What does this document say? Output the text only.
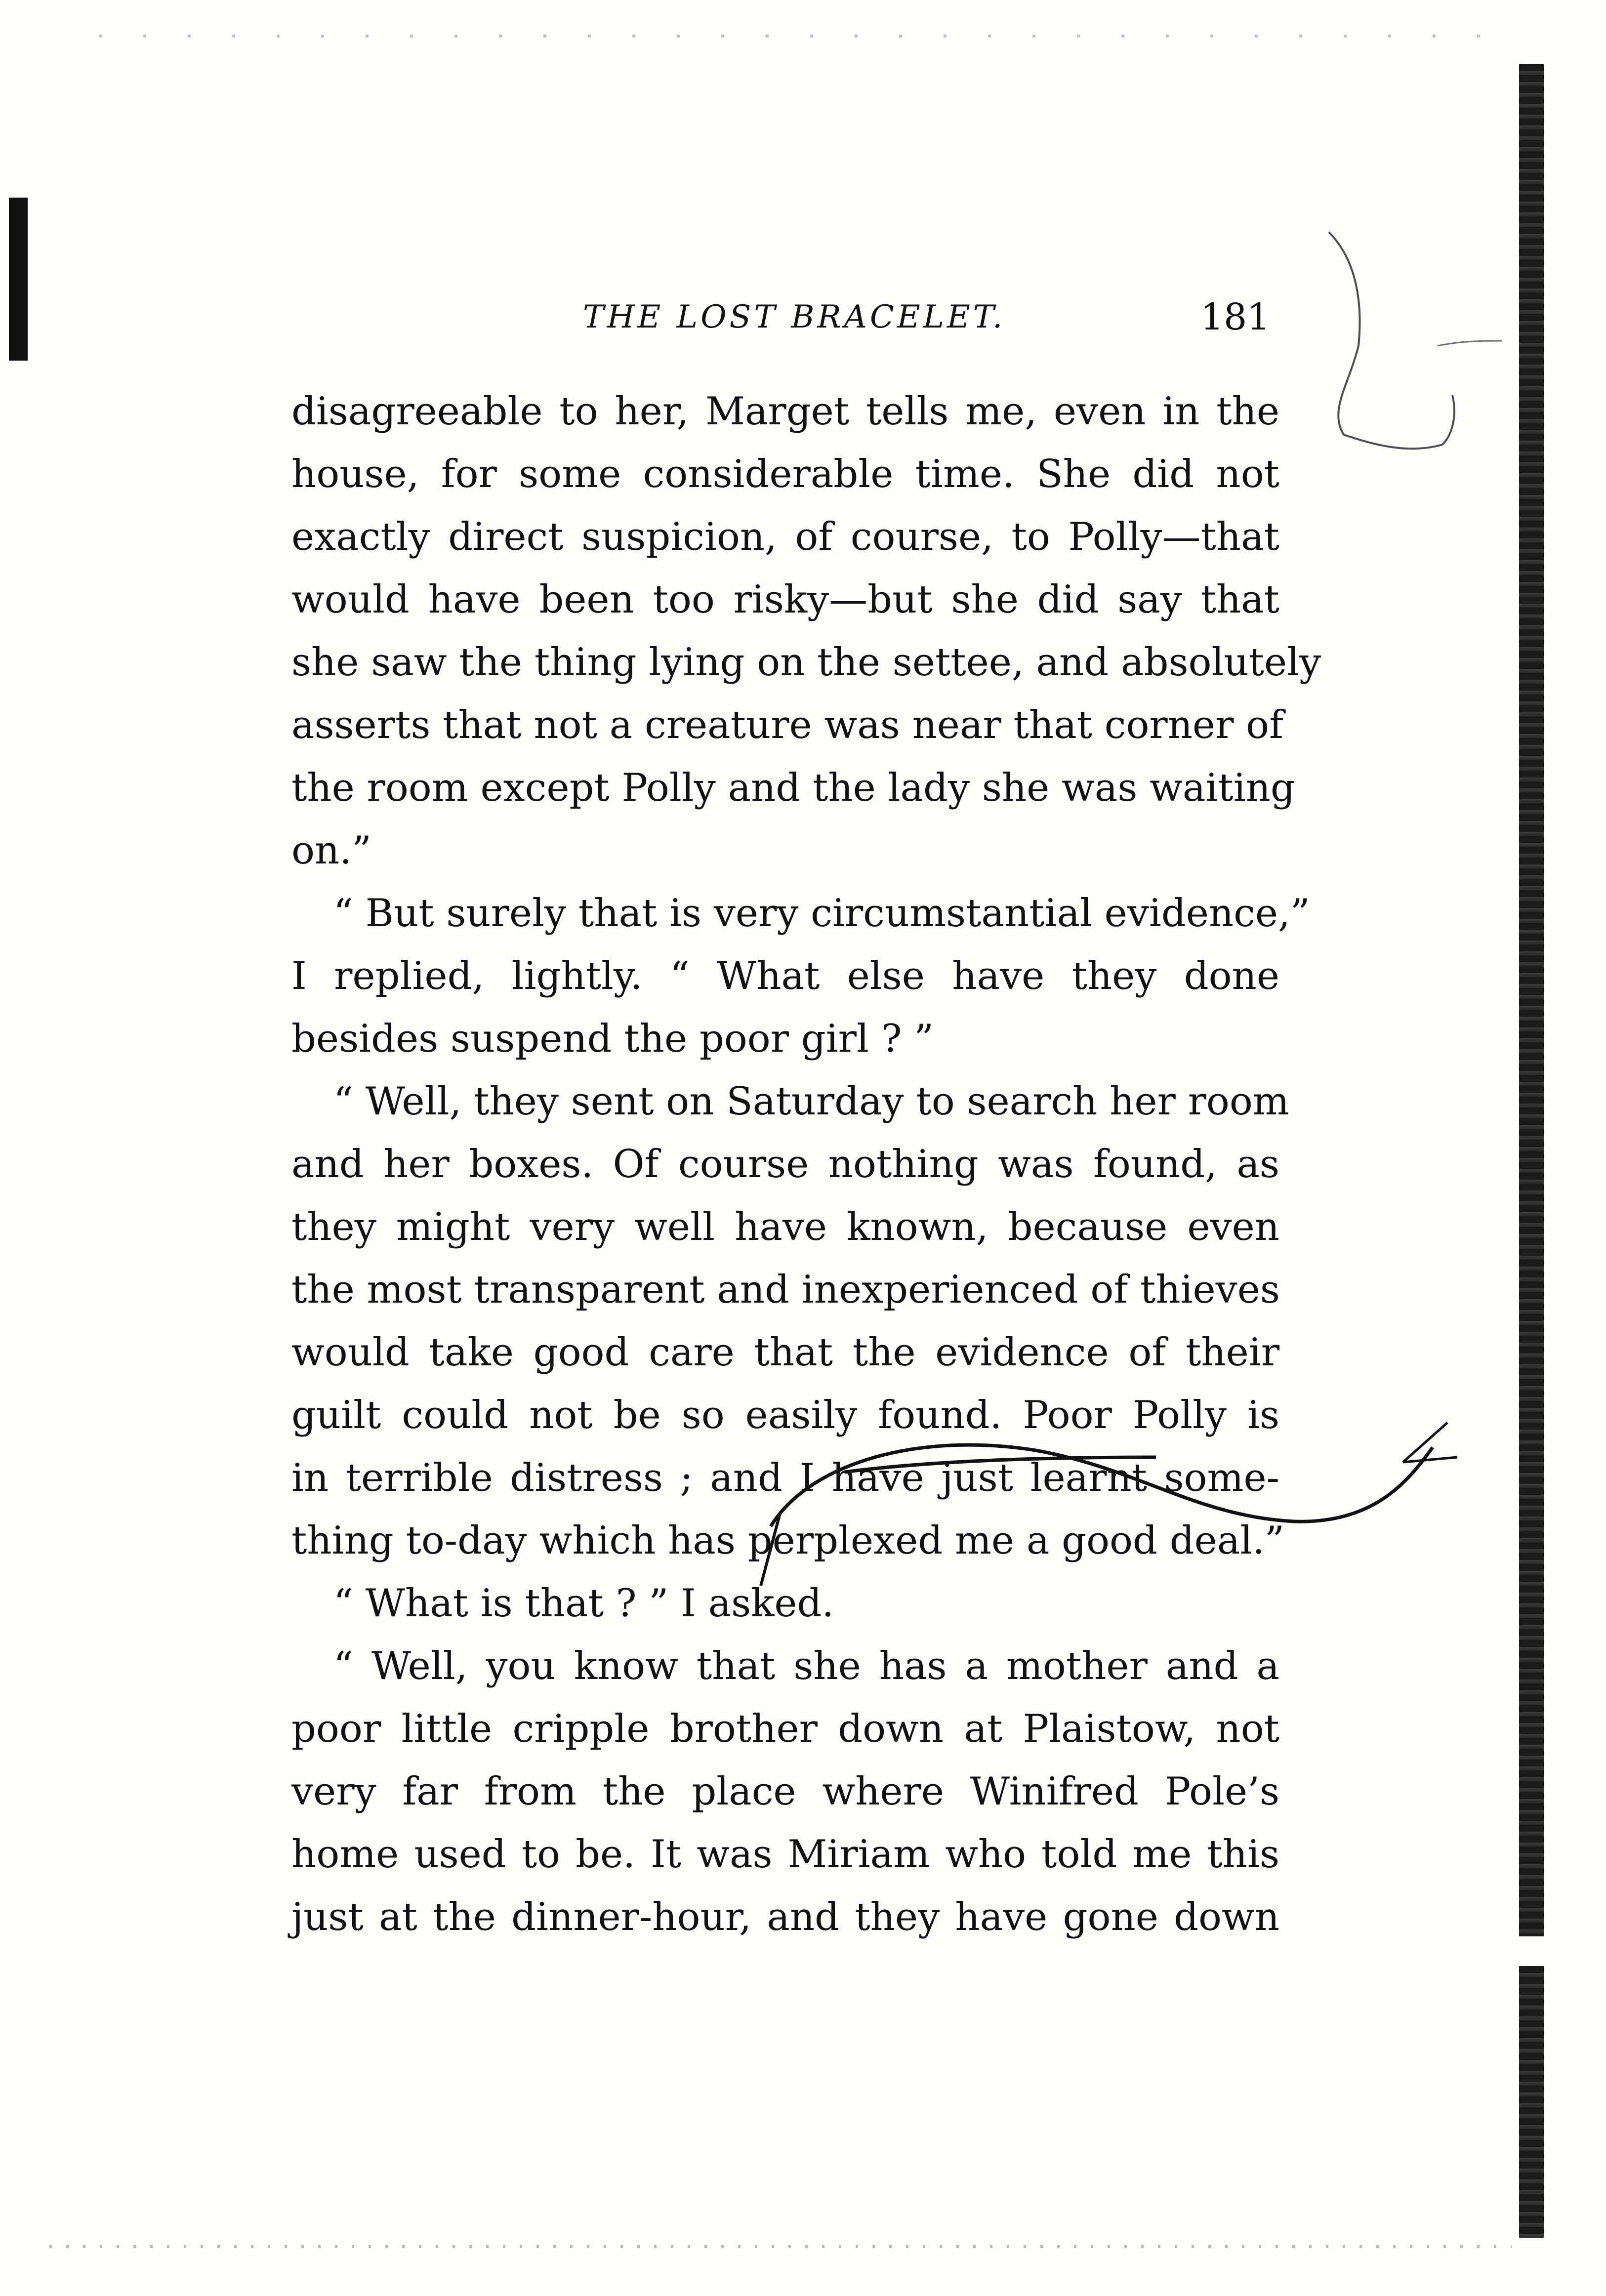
THE LOST BRACELET.	181
disagreeable to her, Marget tells me, even in the
house, for some considerable time. She did not
exactly direct suspicion, of course, to Polly—that
would have been too risky—but she did say that
she saw the thing lying on the settee, and absolutely
asserts that not a creature was near that corner of
the room except Polly and the lady she was waiting
on.”
“ But surely that is very circumstantial evidence,”
I replied, lightly. “ What else have they done
besides suspend the poor girl ? ”
“ Well, they sent on Saturday to search her room
and her boxes. Of course nothing was found, as
they might very well have known, because even
the most transparent and inexperienced of thieves
would take good care that the evidence of their
guilt could not be so easily found. Poor Polly is
in terrible distress ; and I have just learnt some-
thing to-day which has perplexed me a good deal.”
“ What is that ? ” I asked.
“ Well, you know that she has a mother and a
poor little cripple brother down at Plaistow, not
very far from the place where Winifred Pole’s
home used to be. It was Miriam who told me this
just at the dinner-hour, and they have gone down
